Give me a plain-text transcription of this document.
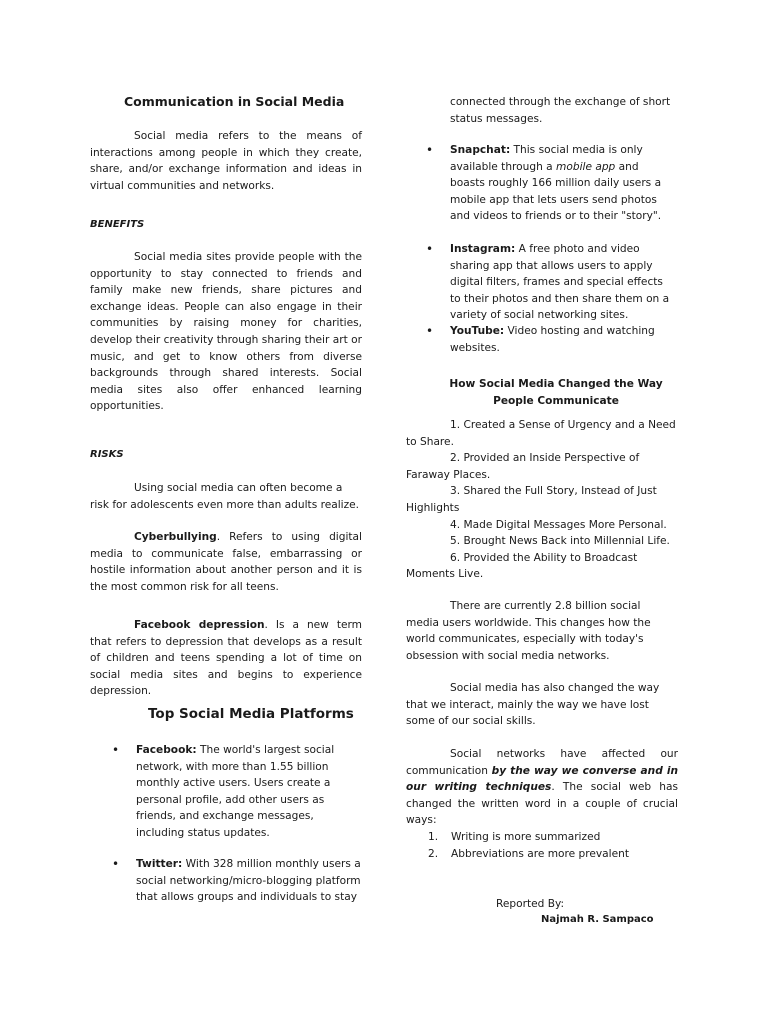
Communication in Social Media

Social media refers to the means of interactions among people in which they create, share, and/or exchange information and ideas in virtual communities and networks.

BENEFITS

Social media sites provide people with the opportunity to stay connected to friends and family make new friends, share pictures and exchange ideas. People can also engage in their communities by raising money for charities, develop their creativity through sharing their art or music, and get to know others from diverse backgrounds through shared interests. Social media sites also offer enhanced learning opportunities.

RISKS

Using social media can often become a risk for adolescents even more than adults realize.

Cyberbullying. Refers to using digital media to communicate false, embarrassing or hostile information about another person and it is the most common risk for all teens.

Facebook depression. Is a new term that refers to depression that develops as a result of children and teens spending a lot of time on social media sites and begins to experience depression.

Top Social Media Platforms
• Facebook: The world's largest social network, with more than 1.55 billion monthly active users. Users create a personal profile, add other users as friends, and exchange messages, including status updates.

• Twitter: With 328 million monthly users a social networking/micro-blogging platform that allows groups and individuals to stay

connected through the exchange of short status messages.

• Snapchat: This social media is only available through a mobile app and boasts roughly 166 million daily users a mobile app that lets users send photos and videos to friends or to their "story".

• Instagram: A free photo and video sharing app that allows users to apply digital filters, frames and special effects to their photos and then share them on a variety of social networking sites.

• YouTube: Video hosting and watching websites.

How Social Media Changed the Way People Communicate

1. Created a Sense of Urgency and a Need to Share.

2. Provided an Inside Perspective of Faraway Places.

3. Shared the Full Story, Instead of Just Highlights

4. Made Digital Messages More Personal.

5. Brought News Back into Millennial Life.

6. Provided the Ability to Broadcast Moments Live.

There are currently 2.8 billion social media users worldwide. This changes how the world communicates, especially with today's obsession with social media networks.

Social media has also changed the way that we interact, mainly the way we have lost some of our social skills.

Social networks have affected our communication by the way we converse and in our writing techniques. The social web has changed the written word in a couple of crucial ways:

1. Writing is more summarized
2. Abbreviations are more prevalent
Reported By:
Najmah R. Sampaco
